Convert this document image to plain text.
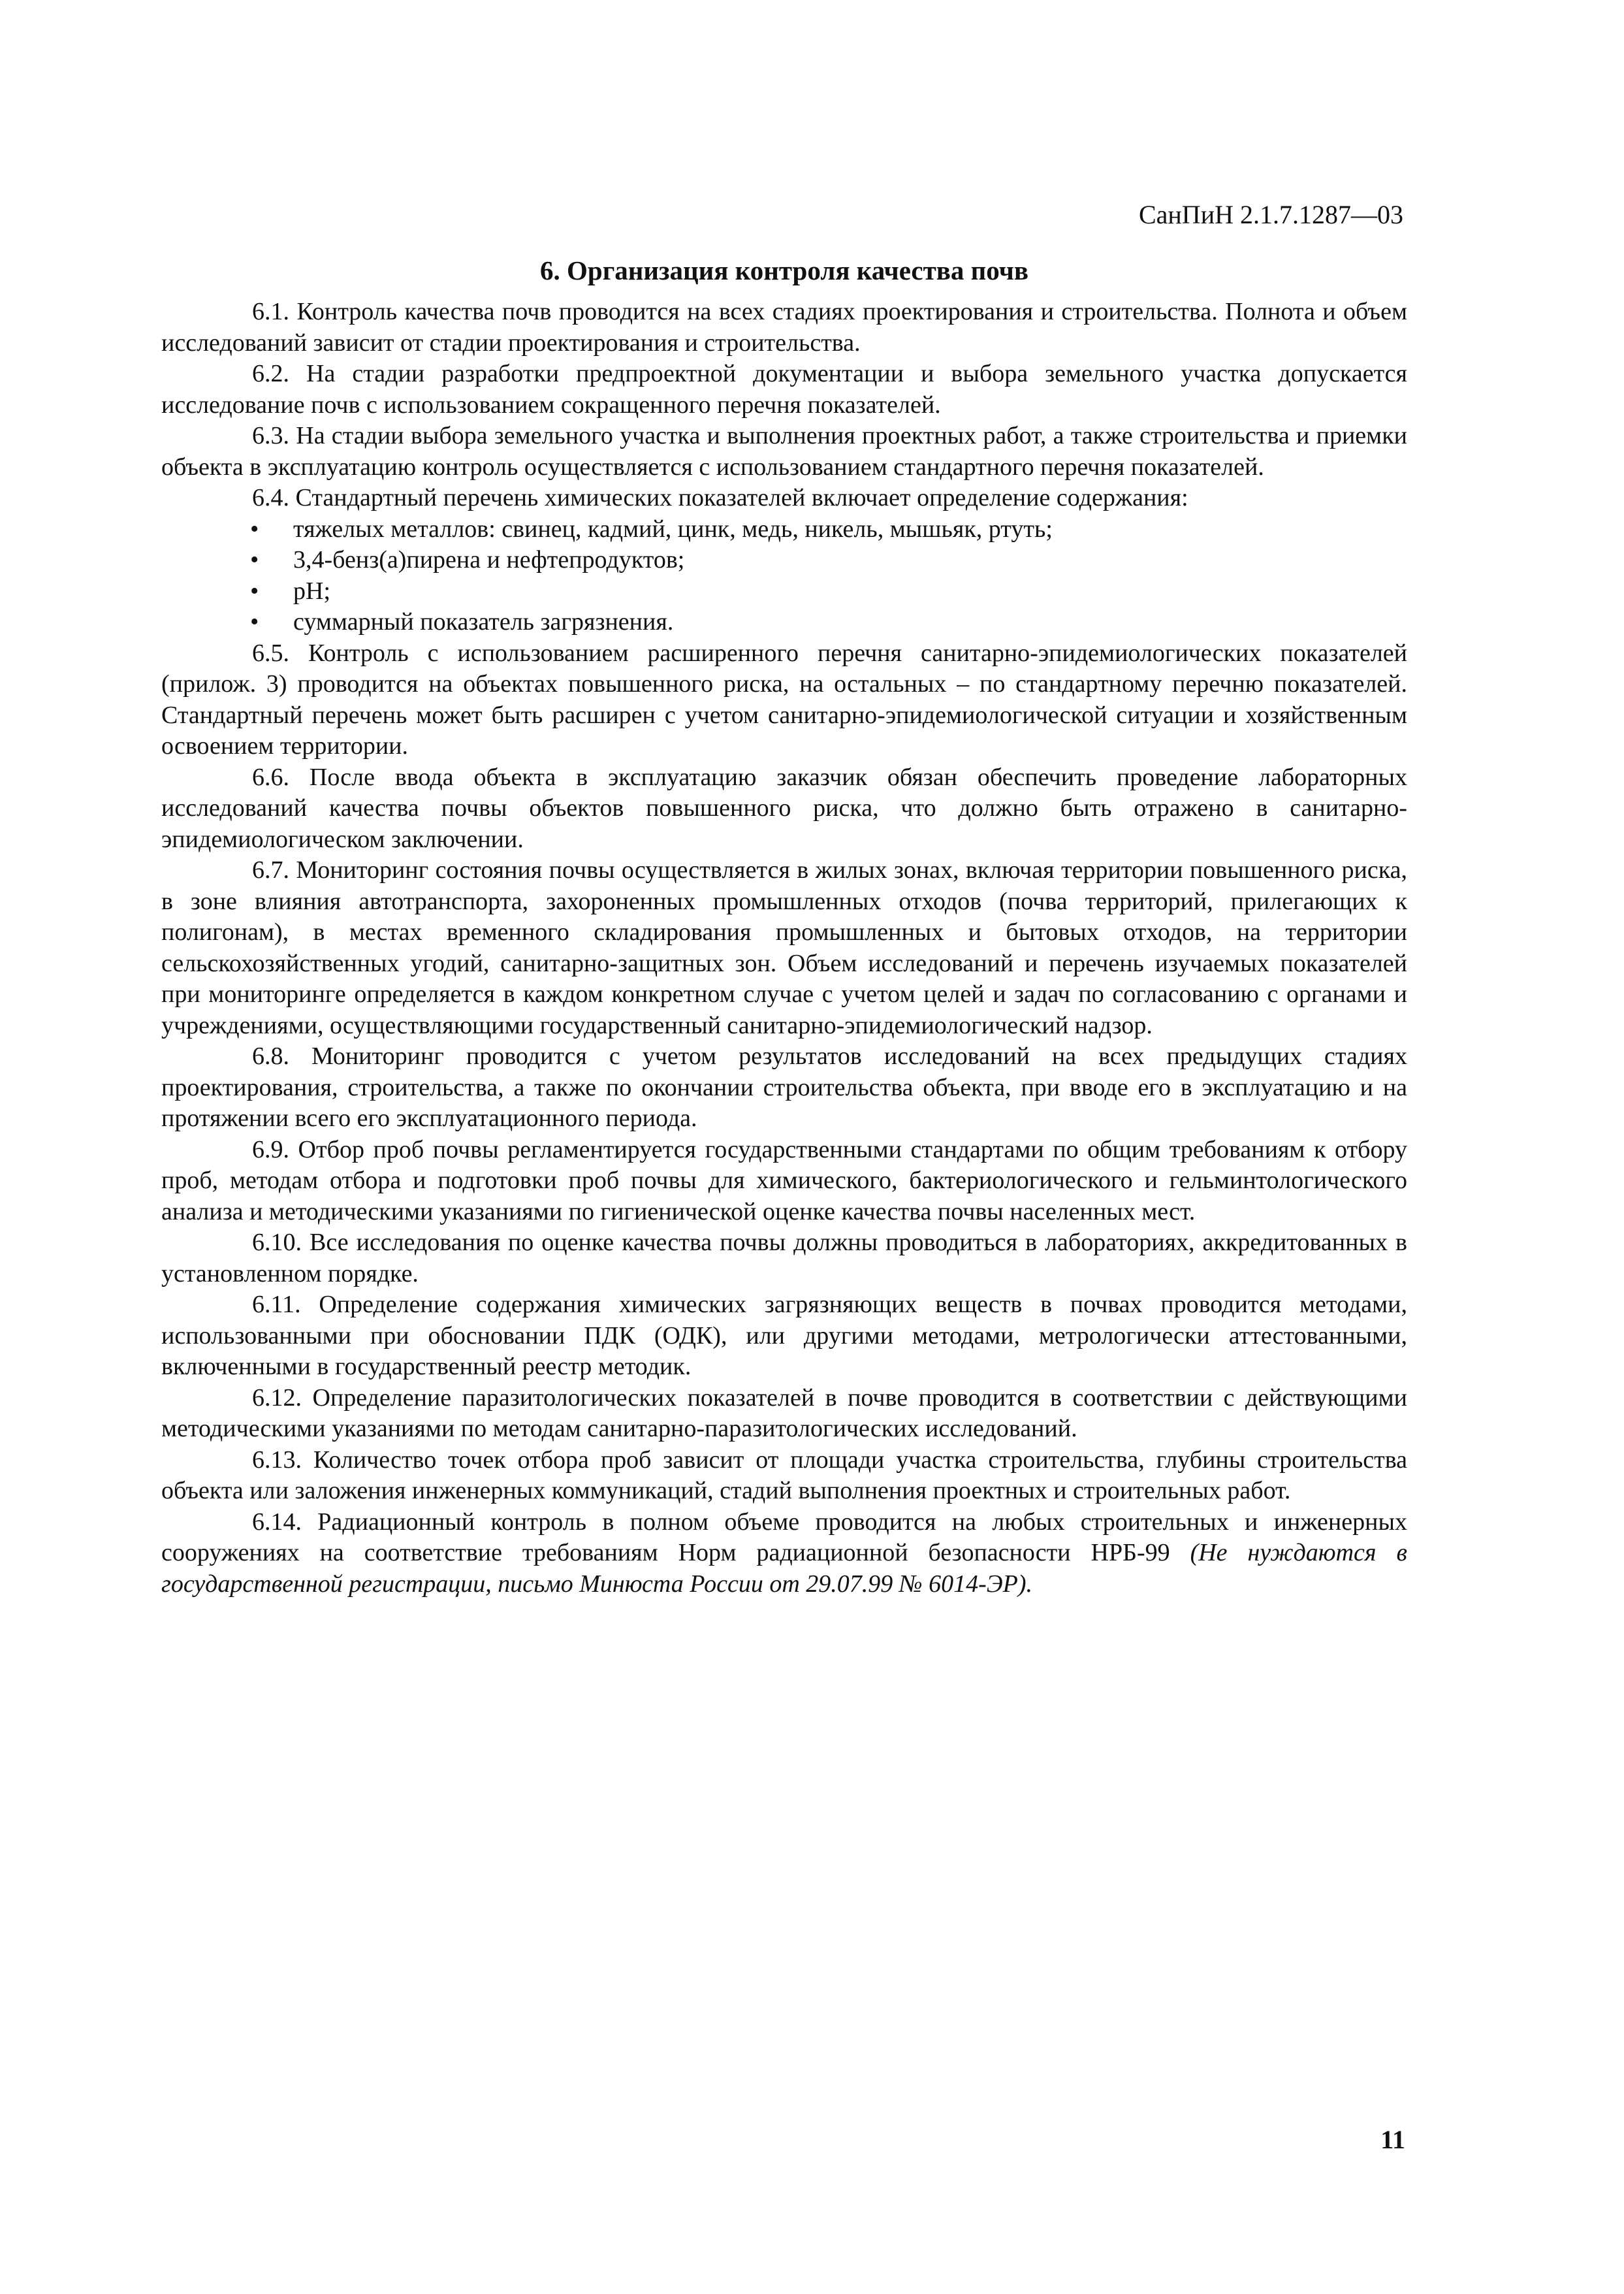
СанПиН 2.1.7.1287—03
6. Организация контроля качества почв

6.1. Контроль качества почв проводится на всех стадиях проектирования и строительства. Полнота и объем исследований зависит от стадии проектирования и строительства.

6.2. На стадии разработки предпроектной документации и выбора земельного участка допускается исследование почв с использованием сокращенного перечня показателей.

6.3. На стадии выбора земельного участка и выполнения проектных работ, а также строительства и приемки объекта в эксплуатацию контроль осуществляется с использованием стандартного перечня показателей.

6.4. Стандартный перечень химических показателей включает определение содержания:

• тяжелых металлов: свинец, кадмий, цинк, медь, никель, мышьяк, ртуть;
• 3,4-бенз(а)пирена и нефтепродуктов;
• pH;
• суммарный показатель загрязнения.

6.5. Контроль с использованием расширенного перечня санитарно-эпидемиологических показателей (прилож. 3) проводится на объектах повышенного риска, на остальных – по стандартному перечню показателей. Стандартный перечень может быть расширен с учетом санитарно-эпидемиологической ситуации и хозяйственным освоением территории.

6.6. После ввода объекта в эксплуатацию заказчик обязан обеспечить проведение лабораторных исследований качества почвы объектов повышенного риска, что должно быть отражено в санитарно-эпидемиологическом заключении.

6.7. Мониторинг состояния почвы осуществляется в жилых зонах, включая территории повышенного риска, в зоне влияния автотранспорта, захороненных промышленных отходов (почва территорий, прилегающих к полигонам), в местах временного складирования промышленных и бытовых отходов, на территории сельскохозяйственных угодий, санитарно-защитных зон. Объем исследований и перечень изучаемых показателей при мониторинге определяется в каждом конкретном случае с учетом целей и задач по согласованию с органами и учреждениями, осуществляющими государственный санитарно-эпидемиологический надзор.

6.8. Мониторинг проводится с учетом результатов исследований на всех предыдущих стадиях проектирования, строительства, а также по окончании строительства объекта, при вводе его в эксплуатацию и на протяжении всего его эксплуатационного периода.

6.9. Отбор проб почвы регламентируется государственными стандартами по общим требованиям к отбору проб, методам отбора и подготовки проб почвы для химического, бактериологического и гельминтологического анализа и методическими указаниями по гигиенической оценке качества почвы населенных мест.

6.10. Все исследования по оценке качества почвы должны проводиться в лабораториях, аккредитованных в установленном порядке.

6.11. Определение содержания химических загрязняющих веществ в почвах проводится методами, использованными при обосновании ПДК (ОДК), или другими методами, метрологически аттестованными, включенными в государственный реестр методик.

6.12. Определение паразитологических показателей в почве проводится в соответствии с действующими методическими указаниями по методам санитарно-паразитологических исследований.

6.13. Количество точек отбора проб зависит от площади участка строительства, глубины строительства объекта или заложения инженерных коммуникаций, стадий выполнения проектных и строительных работ.

6.14. Радиационный контроль в полном объеме проводится на любых строительных и инженерных сооружениях на соответствие требованиям Норм радиационной безопасности НРБ-99 (Не нуждаются в государственной регистрации, письмо Минюста России от 29.07.99 № 6014-ЭР).

11
